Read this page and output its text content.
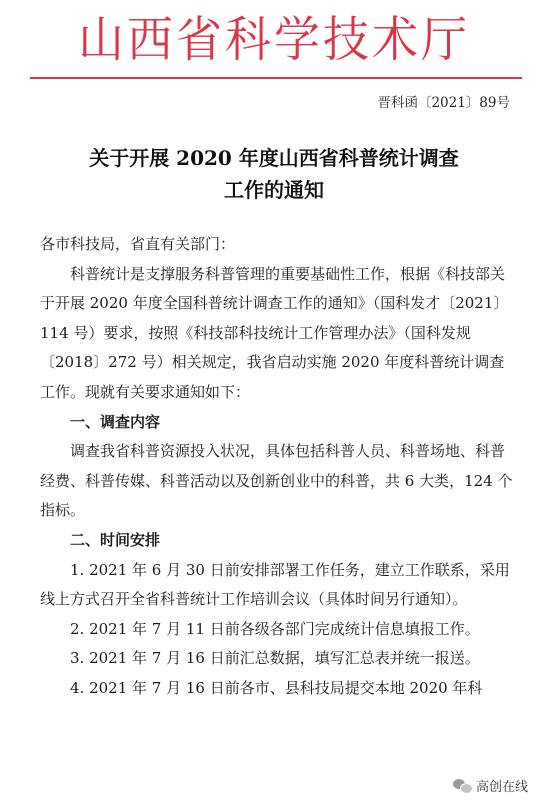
山西省科学技术厅
晋科函〔2021〕89号
关于开展 2020 年度山西省科普统计调查
工作的通知

各市科技局，省直有关部门：

科普统计是支撑服务科普管理的重要基础性工作，根据《科技部关于开展 2020 年度全国科普统计调查工作的通知》（国科发才〔2021〕114 号）要求，按照《科技部科技统计工作管理办法》（国科发规〔2018〕272 号）相关规定，我省启动实施 2020 年度科普统计调查工作。现就有关要求通知如下：

一、调查内容

调查我省科普资源投入状况，具体包括科普人员、科普场地、科普经费、科普传媒、科普活动以及创新创业中的科普，共 6 大类，124 个指标。

二、时间安排

1. 2021 年 6 月 30 日前安排部署工作任务，建立工作联系，采用线上方式召开全省科普统计工作培训会议（具体时间另行通知）。

2. 2021 年 7 月 11 日前各级各部门完成统计信息填报工作。

3. 2021 年 7 月 16 日前汇总数据，填写汇总表并统一报送。

4. 2021 年 7 月 16 日前各市、县科技局提交本地 2020 年科

高创在线
